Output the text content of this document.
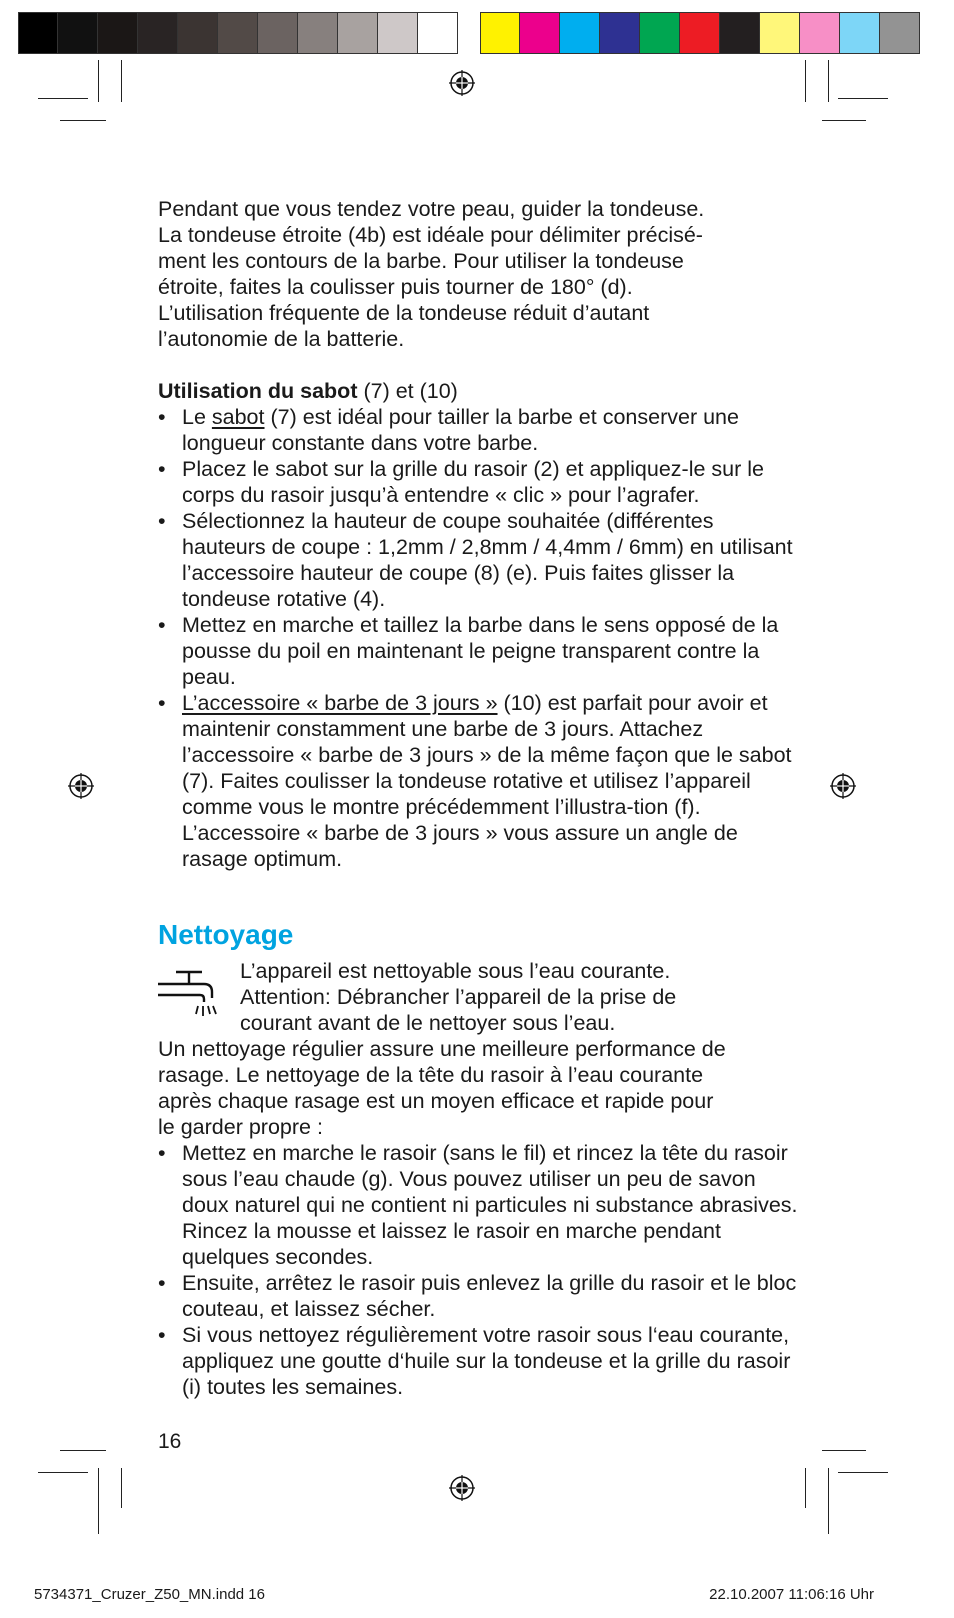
Pendant que vous tendez votre peau, guider la tondeuse.

La tondeuse étroite (4b) est idéale pour délimiter précisé-

ment les contours de la barbe. Pour utiliser la tondeuse

étroite, faites la coulisser puis tourner de 180° (d).

L’utilisation fréquente de la tondeuse réduit d’autant

l’autonomie de la batterie.

Utilisation du sabot (7) et (10)

• Le sabot (7) est idéal pour tailler la barbe et conserver une longueur constante dans votre barbe.
• Placez le sabot sur la grille du rasoir (2) et appliquez-le sur le corps du rasoir jusqu’à entendre « clic » pour l’agrafer.
• Sélectionnez la hauteur de coupe souhaitée (différentes hauteurs de coupe : 1,2mm / 2,8mm / 4,4mm / 6mm) en utilisant l’accessoire hauteur de coupe (8) (e). Puis faites glisser la tondeuse rotative (4).
• Mettez en marche et taillez la barbe dans le sens opposé de la pousse du poil en maintenant le peigne transparent contre la peau.
• L’accessoire « barbe de 3 jours » (10) est parfait pour avoir et maintenir constamment une barbe de 3 jours. Attachez l’accessoire « barbe de 3 jours » de la même façon que le sabot (7). Faites coulisser la tondeuse rotative et utilisez l’appareil comme vous le montre précédemment l’illustra-tion (f). L’accessoire « barbe de 3 jours » vous assure un angle de rasage optimum.
Nettoyage

L’appareil est nettoyable sous l’eau courante.

Attention: Débrancher l’appareil de la prise de

courant avant de le nettoyer sous l’eau.

Un nettoyage régulier assure une meilleure performance de

rasage. Le nettoyage de la tête du rasoir à l’eau courante

après chaque rasage est un moyen efficace et rapide pour

le garder propre :

• Mettez en marche le rasoir (sans le fil) et rincez la tête du rasoir sous l’eau chaude (g). Vous pouvez utiliser un peu de savon doux naturel qui ne contient ni particules ni substance abrasives. Rincez la mousse et laissez le rasoir en marche pendant quelques secondes.
• Ensuite, arrêtez le rasoir puis enlevez la grille du rasoir et le bloc couteau, et laissez sécher.
• Si vous nettoyez régulièrement votre rasoir sous l‘eau courante, appliquez une goutte d‘huile sur la tondeuse et la grille du rasoir (i) toutes les semaines.
16
5734371_Cruzer_Z50_MN.indd 16	22.10.2007 11:06:16 Uhr
